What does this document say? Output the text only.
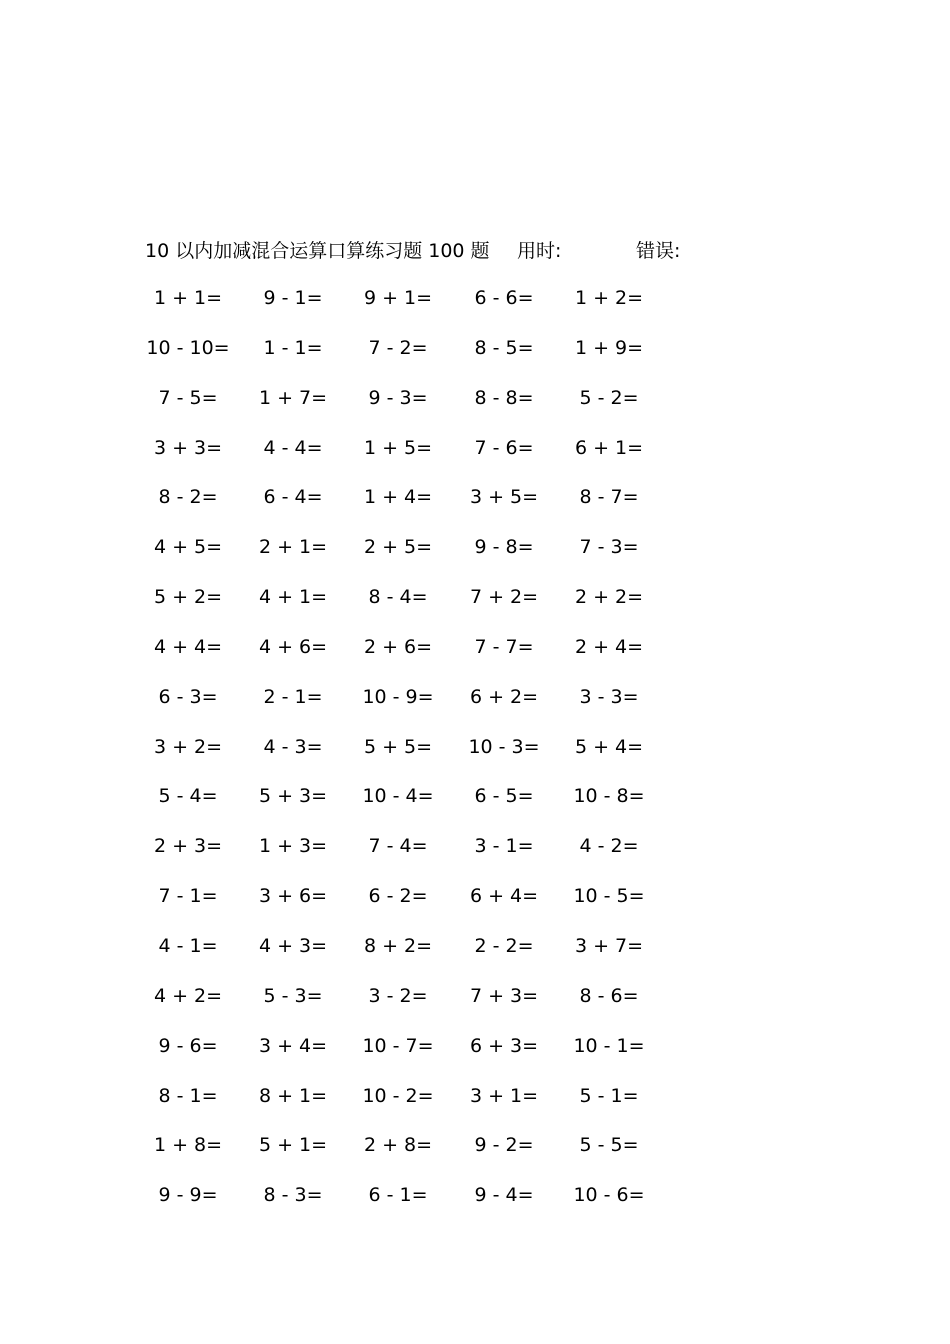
10 以内加减混合运算口算练习题 100 题 用时:	错误:
1 + 1=	9 - 1=	9 + 1=	6 - 6=	1 + 2=
10 - 10=	1 - 1=	7 - 2=	8 - 5=	1 + 9=
7 - 5=	1 + 7=	9 - 3=	8 - 8=	5 - 2=
3 + 3=	4 - 4=	1 + 5=	7 - 6=	6 + 1=
8 - 2=	6 - 4=	1 + 4=	3 + 5=	8 - 7=
4 + 5=	2 + 1=	2 + 5=	9 - 8=	7 - 3=
5 + 2=	4 + 1=	8 - 4=	7 + 2=	2 + 2=
4 + 4=	4 + 6=	2 + 6=	7 - 7=	2 + 4=
6 - 3=	2 - 1=	10 - 9=	6 + 2=	3 - 3=
3 + 2=	4 - 3=	5 + 5=	10 - 3=	5 + 4=
5 - 4=	5 + 3=	10 - 4=	6 - 5=	10 - 8=
2 + 3=	1 + 3=	7 - 4=	3 - 1=	4 - 2=
7 - 1=	3 + 6=	6 - 2=	6 + 4=	10 - 5=
4 - 1=	4 + 3=	8 + 2=	2 - 2=	3 + 7=
4 + 2=	5 - 3=	3 - 2=	7 + 3=	8 - 6=
9 - 6=	3 + 4=	10 - 7=	6 + 3=	10 - 1=
8 - 1=	8 + 1=	10 - 2=	3 + 1=	5 - 1=
1 + 8=	5 + 1=	2 + 8=	9 - 2=	5 - 5=
9 - 9=	8 - 3=	6 - 1=	9 - 4=	10 - 6=
